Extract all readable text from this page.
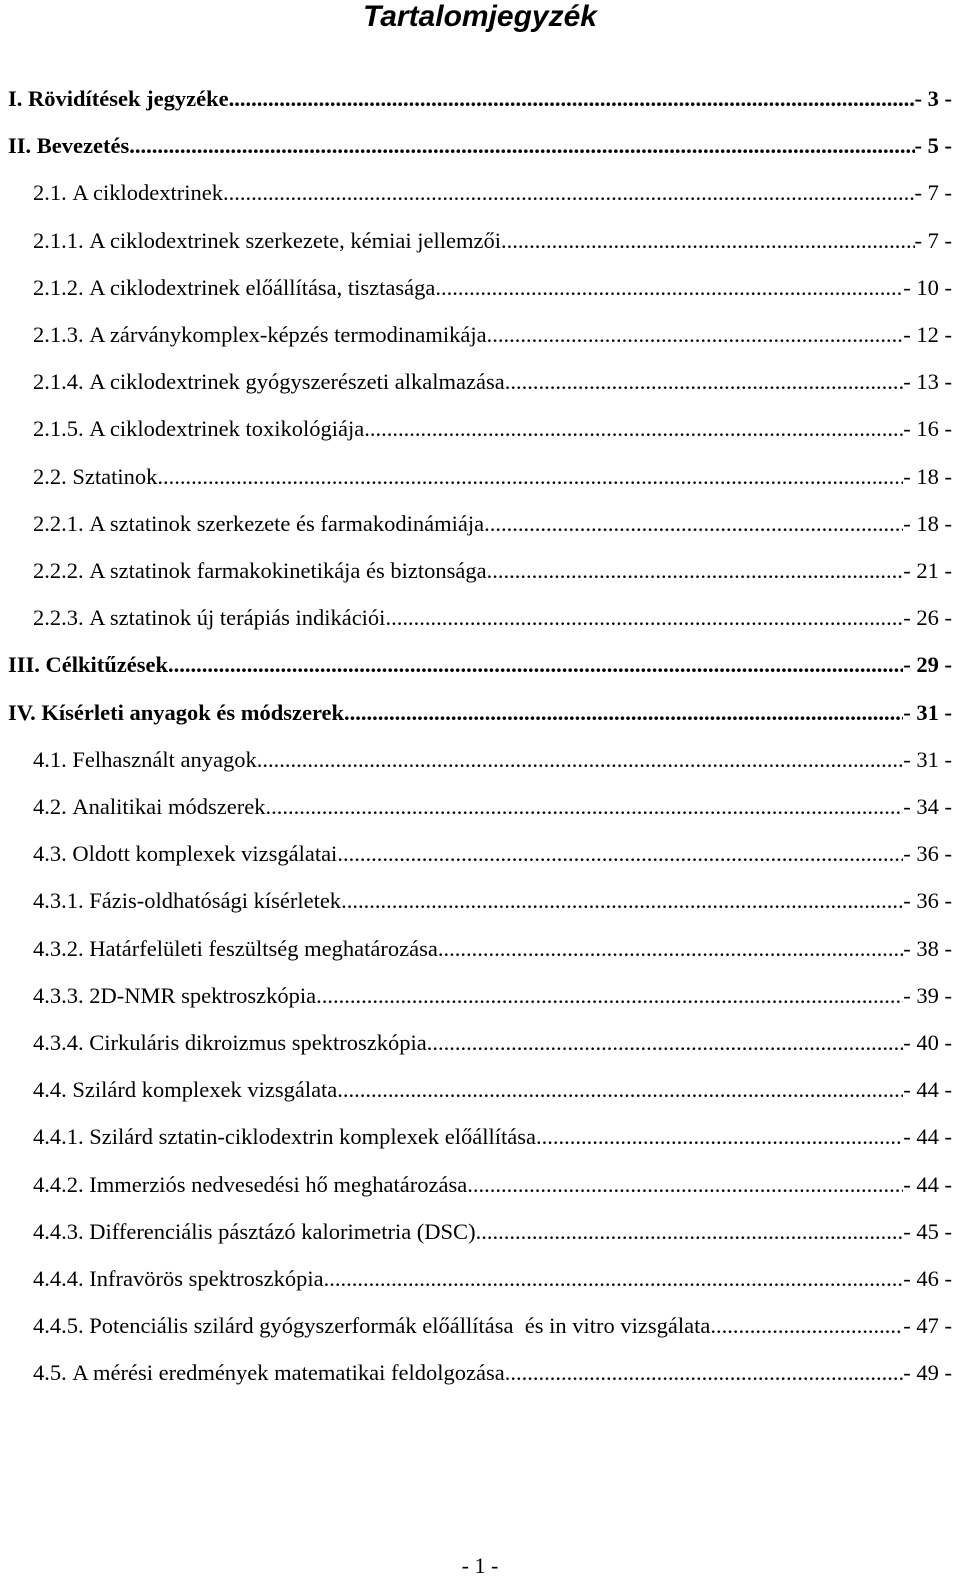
Tartalomjegyzék
I. Rövidítések jegyzéke .....	- 3 -
II. Bevezetés .....	- 5 -
2.1. A ciklodextrinek .....	- 7 -
2.1.1. A ciklodextrinek szerkezete, kémiai jellemzői .....	- 7 -
2.1.2. A ciklodextrinek előállítása, tisztasága .....	- 10 -
2.1.3. A zárványkomplex-képzés termodinamikája .....	- 12 -
2.1.4. A ciklodextrinek gyógyszerészeti alkalmazása .....	- 13 -
2.1.5. A ciklodextrinek toxikológiája .....	- 16 -
2.2. Sztatinok .....	- 18 -
2.2.1. A sztatinok szerkezete és farmakodinámiája .....	- 18 -
2.2.2. A sztatinok farmakokinetikája és biztonsága .....	- 21 -
2.2.3. A sztatinok új terápiás indikációi .....	- 26 -
III. Célkitűzések .....	- 29 -
IV. Kísérleti anyagok és módszerek .....	- 31 -
4.1. Felhasznált anyagok .....	- 31 -
4.2. Analitikai módszerek .....	- 34 -
4.3. Oldott komplexek vizsgálatai .....	- 36 -
4.3.1. Fázis-oldhatósági kísérletek .....	- 36 -
4.3.2. Határfelületi feszültség meghatározása .....	- 38 -
4.3.3. 2D-NMR spektroszkópia .....	- 39 -
4.3.4. Cirkuláris dikroizmus spektroszkópia .....	- 40 -
4.4. Szilárd komplexek vizsgálata .....	- 44 -
4.4.1. Szilárd sztatin-ciklodextrin komplexek előállítása .....	- 44 -
4.4.2. Immerziós nedvesedési hő meghatározása .....	- 44 -
4.4.3. Differenciális pásztázó kalorimetria (DSC) .....	- 45 -
4.4.4. Infravörös spektroszkópia .....	- 46 -
4.4.5. Potenciális szilárd gyógyszerformák előállítása  és in vitro vizsgálata .....	- 47 -
4.5. A mérési eredmények matematikai feldolgozása .....	- 49 -
- 1 -
